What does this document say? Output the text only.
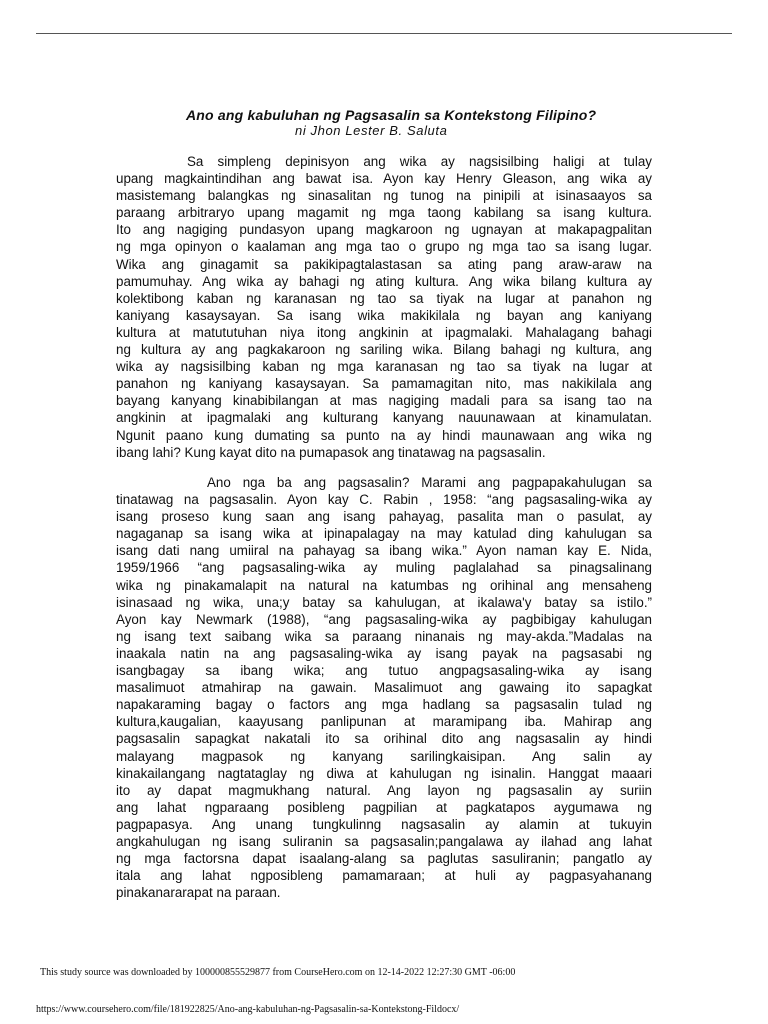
Ano ang kabuluhan ng Pagsasalin sa Kontekstong Filipino?
ni Jhon Lester B. Saluta
Sa simpleng depinisyon ang wika ay nagsisilbing haligi at tulay
upang magkaintindihan ang bawat isa. Ayon kay Henry Gleason, ang wika ay
masistemang balangkas ng sinasalitan ng tunog na pinipili at isinasaayos sa
paraang arbitraryo upang magamit ng mga taong kabilang sa isang kultura.
Ito ang nagiging pundasyon upang magkaroon ng ugnayan at makapagpalitan
ng mga opinyon o kaalaman ang mga tao o grupo ng mga tao sa isang lugar.
Wika ang ginagamit sa pakikipagtalastasan sa ating pang araw-araw na
pamumuhay. Ang wika ay bahagi ng ating kultura. Ang wika bilang kultura ay
kolektibong kaban ng karanasan ng tao sa tiyak na lugar at panahon ng
kaniyang kasaysayan. Sa isang wika makikilala ng bayan ang kaniyang
kultura at matututuhan niya itong angkinin at ipagmalaki. Mahalagang bahagi
ng kultura ay ang pagkakaroon ng sariling wika. Bilang bahagi ng kultura, ang
wika ay nagsisilbing kaban ng mga karanasan ng tao sa tiyak na lugar at
panahon ng kaniyang kasaysayan. Sa pamamagitan nito, mas nakikilala ang
bayang kanyang kinabibilangan at mas nagiging madali para sa isang tao na
angkinin at ipagmalaki ang kulturang kanyang nauunawaan at kinamulatan.
Ngunit paano kung dumating sa punto na ay hindi maunawaan ang wika ng
ibang lahi? Kung kayat dito na pumapasok ang tinatawag na pagsasalin.
Ano nga ba ang pagsasalin? Marami ang pagpapakahulugan sa
tinatawag na pagsasalin. Ayon kay C. Rabin , 1958: “ang pagsasaling-wika ay
isang proseso kung saan ang isang pahayag, pasalita man o pasulat, ay
nagaganap sa isang wika at ipinapalagay na may katulad ding kahulugan sa
isang dati nang umiiral na pahayag sa ibang wika.” Ayon naman kay E. Nida,
1959/1966 “ang pagsasaling-wika ay muling paglalahad sa pinagsalinang
wika ng pinakamalapit na natural na katumbas ng orihinal ang mensaheng
isinasaad ng wika, una;y batay sa kahulugan, at ikalawa'y batay sa istilo.”
Ayon kay Newmark (1988), “ang pagsasaling-wika ay pagbibigay kahulugan
ng isang text saibang wika sa paraang ninanais ng may-akda.”Madalas na
inaakala natin na ang pagsasaling-wika ay isang payak na pagsasabi ng
isangbagay sa ibang wika; ang tutuo angpagsasaling-wika ay isang
masalimuot atmahirap na gawain. Masalimuot ang gawaing ito sapagkat
napakaraming bagay o factors ang mga hadlang sa pagsasalin tulad ng
kultura,kaugalian, kaayusang panlipunan at maramipang iba. Mahirap ang
pagsasalin sapagkat nakatali ito sa orihinal dito ang nagsasalin ay hindi
malayang magpasok ng kanyang sarilingkaisipan. Ang salin ay
kinakailangang nagtataglay ng diwa at kahulugan ng isinalin. Hanggat maaari
ito ay dapat magmukhang natural. Ang layon ng pagsasalin ay suriin
ang lahat ngparaang posibleng pagpilian at pagkatapos aygumawa ng
pagpapasya. Ang unang tungkulinng nagsasalin ay alamin at tukuyin
angkahulugan ng isang suliranin sa pagsasalin;pangalawa ay ilahad ang lahat
ng mga factorsna dapat isaalang-alang sa paglutas sasuliranin; pangatlo ay
itala ang lahat ngposibleng pamamaraan; at huli ay pagpasyahanang
pinakanararapat na paraan.
This study source was downloaded by 100000855529877 from CourseHero.com on 12-14-2022 12:27:30 GMT -06:00
https://www.coursehero.com/file/181922825/Ano-ang-kabuluhan-ng-Pagsasalin-sa-Kontekstong-Fildocx/
